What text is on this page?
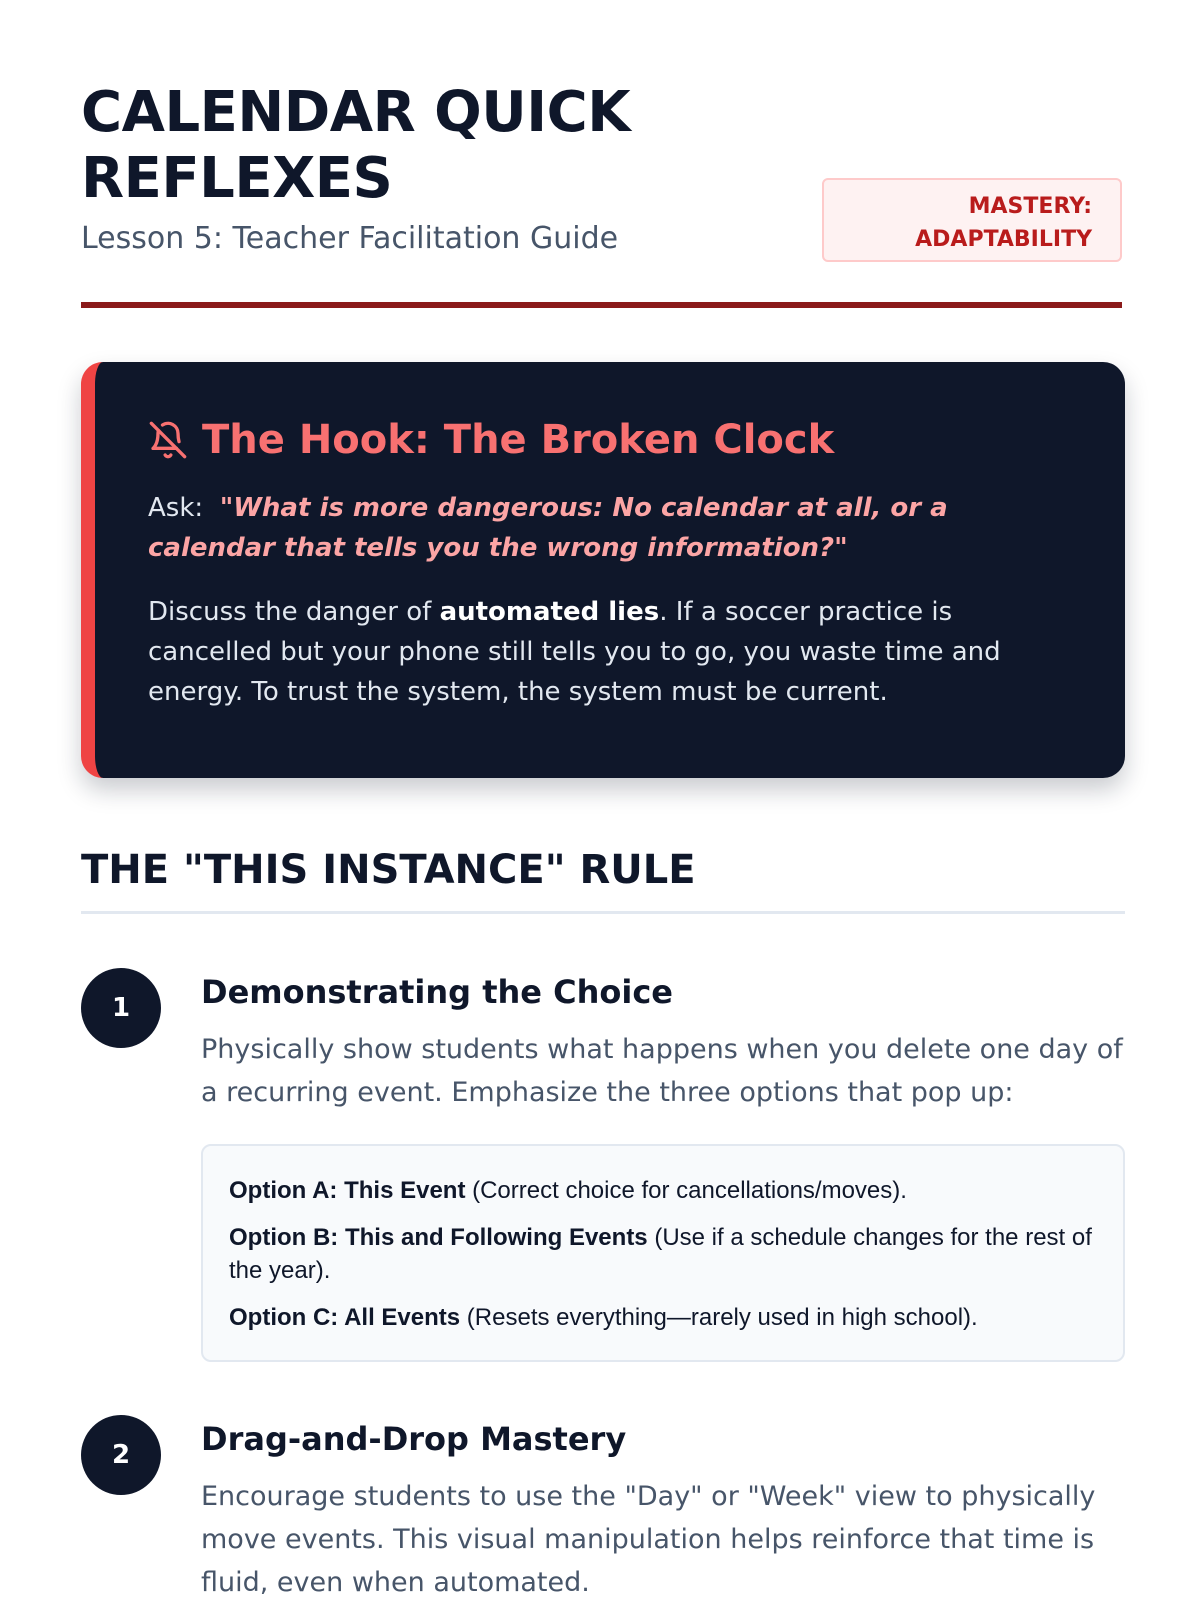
CALENDAR QUICK REFLEXES
Lesson 5: Teacher Facilitation Guide
MASTERY: ADAPTABILITY
The Hook: The Broken Clock

Ask: "What is more dangerous: No calendar at all, or a calendar that tells you the wrong information?"

Discuss the danger of automated lies. If a soccer practice is cancelled but your phone still tells you to go, you waste time and energy. To trust the system, the system must be current.

THE "THIS INSTANCE" RULE
1	Demonstrating the Choice

Physically show students what happens when you delete one day of a recurring event. Emphasize the three options that pop up:

Option A: This Event (Correct choice for cancellations/moves).

Option B: This and Following Events (Use if a schedule changes for the rest of the year).

Option C: All Events (Resets everything—rarely used in high school).

2	Drag-and-Drop Mastery

Encourage students to use the "Day" or "Week" view to physically move events. This visual manipulation helps reinforce that time is fluid, even when automated.
